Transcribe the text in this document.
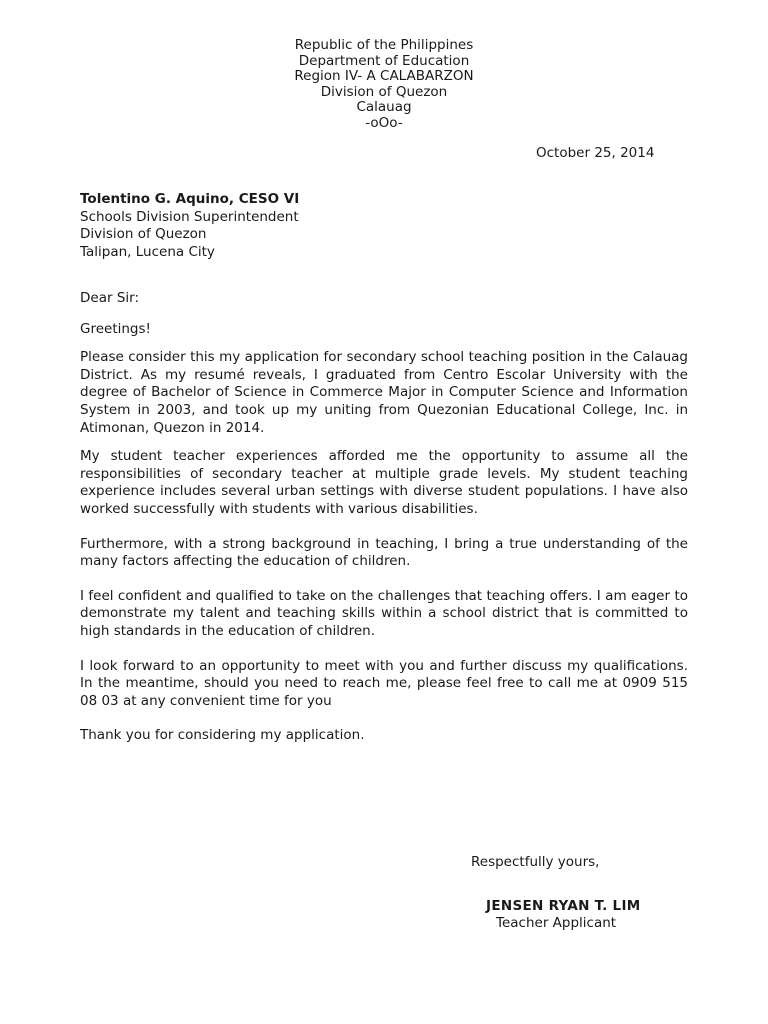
Republic of the Philippines
Department of Education
Region IV- A CALABARZON
Division of Quezon
Calauag
-oOo-
October 25, 2014
Tolentino G. Aquino, CESO VI
Schools Division Superintendent
Division of Quezon
Talipan, Lucena City

Dear Sir:

Greetings!

Please consider this my application for secondary school teaching position in the Calauag District. As my resumé reveals, I graduated from Centro Escolar University with the degree of Bachelor of Science in Commerce Major in Computer Science and Information System in 2003, and took up my uniting from Quezonian Educational College, Inc. in Atimonan, Quezon in 2014.

My student teacher experiences afforded me the opportunity to assume all the responsibilities of secondary teacher at multiple grade levels. My student teaching experience includes several urban settings with diverse student populations. I have also worked successfully with students with various disabilities.

Furthermore, with a strong background in teaching, I bring a true understanding of the many factors affecting the education of children.

I feel confident and qualified to take on the challenges that teaching offers. I am eager to demonstrate my talent and teaching skills within a school district that is committed to high standards in the education of children.

I look forward to an opportunity to meet with you and further discuss my qualifications. In the meantime, should you need to reach me, please feel free to call me at 0909 515 08 03 at any convenient time for you

Thank you for considering my application.

Respectfully yours,
JENSEN RYAN T. LIM
Teacher Applicant
